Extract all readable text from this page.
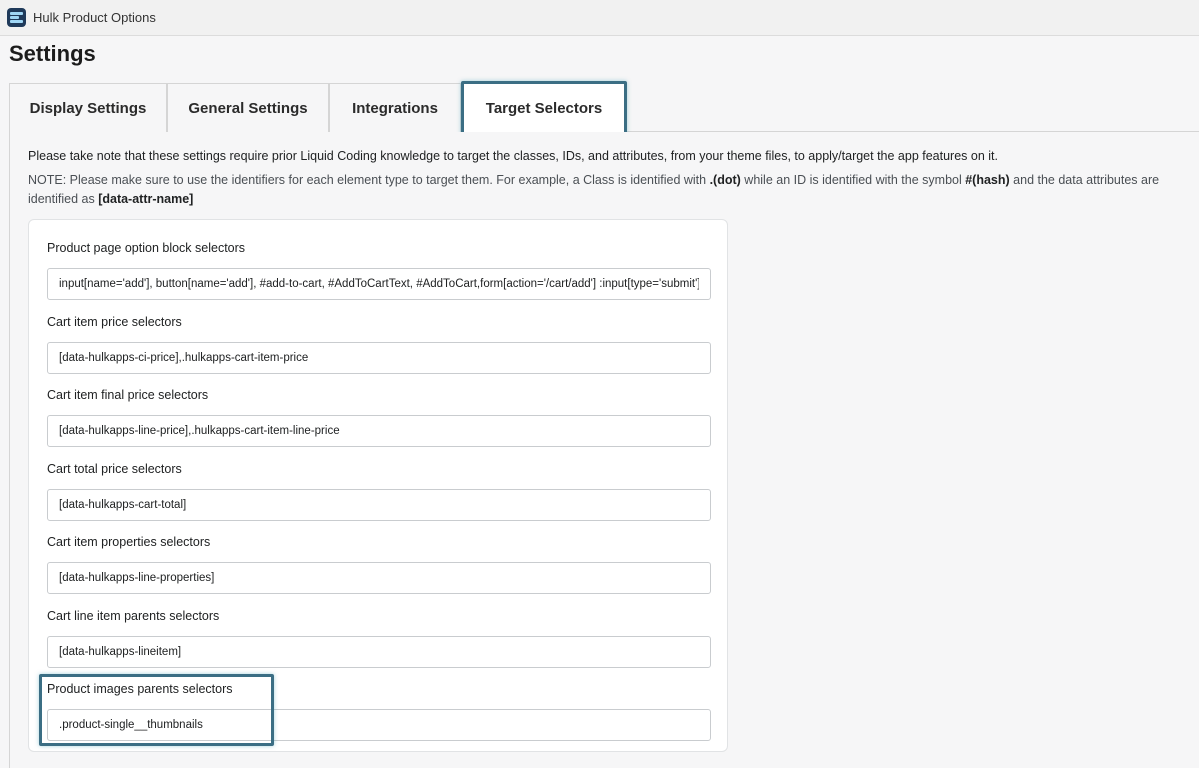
Hulk Product Options
Settings
Display Settings	General Settings	Integrations	Target Selectors

Please take note that these settings require prior Liquid Coding knowledge to target the classes, IDs, and attributes, from your theme files, to apply/target the app features on it.

NOTE: Please make sure to use the identifiers for each element type to target them. For example, a Class is identified with .(dot) while an ID is identified with the symbol #(hash) and the data attributes are identified as [data-attr-name]

Product page option block selectors
input[name='add'], button[name='add'], #add-to-cart, #AddToCartText, #AddToCart,form[action='/cart/add'] :input[type='submit']
Cart item price selectors
[data-hulkapps-ci-price],.hulkapps-cart-item-price
Cart item final price selectors
[data-hulkapps-line-price],.hulkapps-cart-item-line-price
Cart total price selectors
[data-hulkapps-cart-total]
Cart item properties selectors
[data-hulkapps-line-properties]
Cart line item parents selectors
[data-hulkapps-lineitem]
Product images parents selectors
.product-single__thumbnails
